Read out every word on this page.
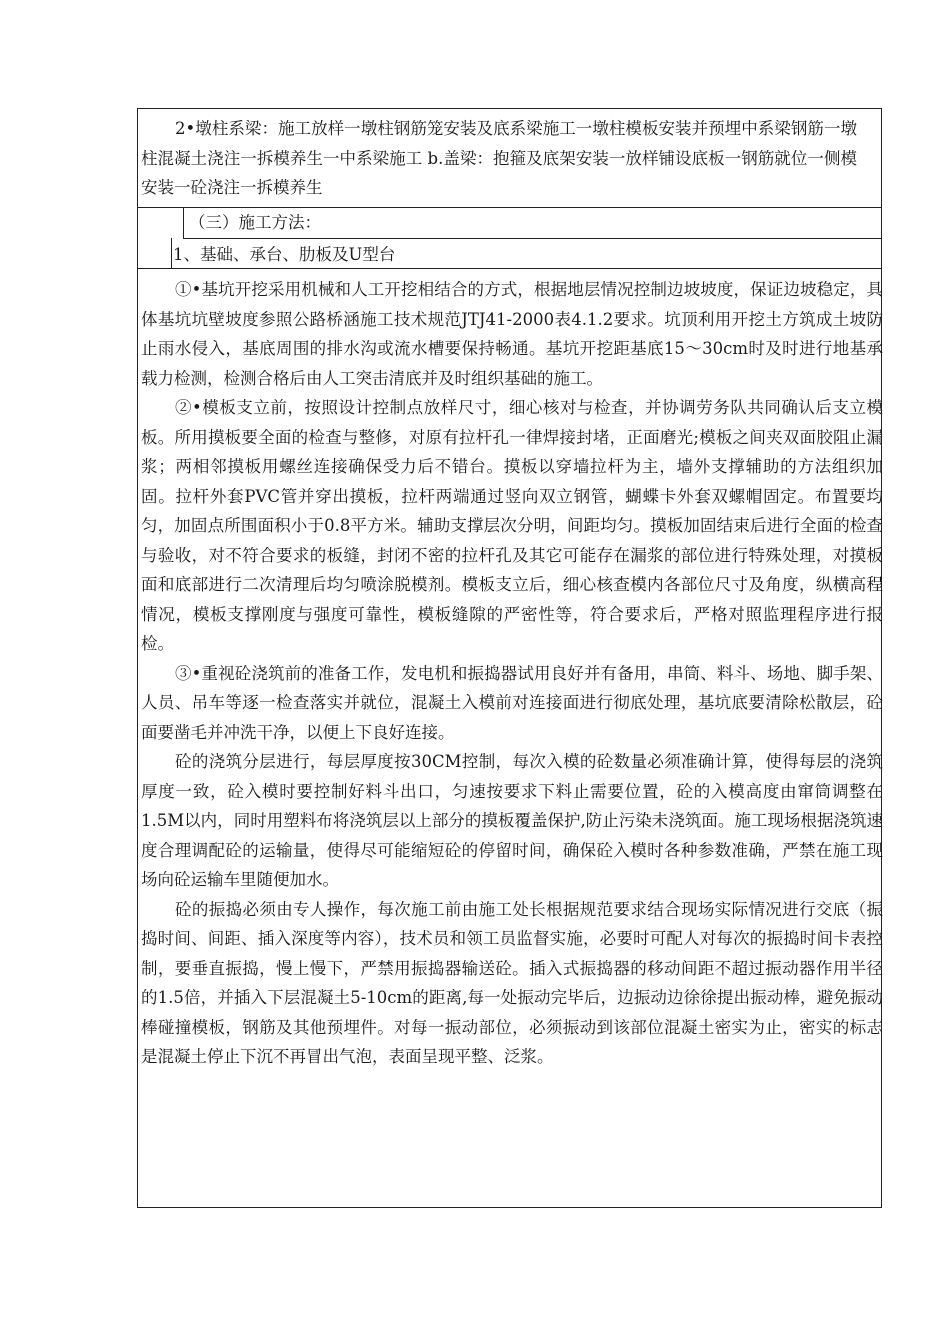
2•墩柱系梁：施工放样一墩柱钢筋笼安装及底系梁施工一墩柱模板安装并预埋中系梁钢筋一墩柱混凝土浇注一拆模养生一中系梁施工 b.盖梁：抱箍及底架安装一放样铺设底板一钢筋就位一侧模安装一砼浇注一拆模养生

（三）施工方法：
1、基础、承台、肋板及U型台

①•基坑开挖采用机械和人工开挖相结合的方式，根据地层情况控制边坡坡度，保证边坡稳定，具体基坑坑壁坡度参照公路桥涵施工技术规范JTJ41-2000表4.1.2要求。坑顶利用开挖土方筑成土坡防止雨水侵入，基底周围的排水沟或流水槽要保持畅通。基坑开挖距基底15～30cm时及时进行地基承载力检测，检测合格后由人工突击清底并及时组织基础的施工。

②•模板支立前，按照设计控制点放样尺寸，细心核对与检查，并协调劳务队共同确认后支立模板。所用摸板要全面的检查与整修，对原有拉杆孔一律焊接封堵，正面磨光;模板之间夹双面胶阻止漏浆；两相邻摸板用螺丝连接确保受力后不错台。摸板以穿墙拉杆为主，墙外支撑辅助的方法组织加固。拉杆外套PVC管并穿出摸板，拉杆两端通过竖向双立钢管，蝴蝶卡外套双螺帽固定。布置要均匀，加固点所围面积小于0.8平方米。辅助支撑层次分明，间距均匀。摸板加固结束后进行全面的检查与验收，对不符合要求的板缝，封闭不密的拉杆孔及其它可能存在漏浆的部位进行特殊处理，对摸板面和底部进行二次清理后均匀喷涂脱模剂。模板支立后，细心核查模内各部位尺寸及角度，纵横高程情况，模板支撑刚度与强度可靠性，模板缝隙的严密性等，符合要求后，严格对照监理程序进行报检。

③•重视砼浇筑前的准备工作，发电机和振捣器试用良好并有备用，串筒、料斗、场地、脚手架、人员、吊车等逐一检查落实并就位，混凝土入模前对连接面进行彻底处理，基坑底要清除松散层，砼面要凿毛并冲洗干净，以便上下良好连接。

砼的浇筑分层进行，每层厚度按30CM控制，每次入模的砼数量必须准确计算，使得每层的浇筑厚度一致，砼入模时要控制好料斗出口，匀速按要求下料止需要位置，砼的入模高度由窜筒调整在1.5M以内，同时用塑料布将浇筑层以上部分的摸板覆盖保护,防止污染未浇筑面。施工现场根据浇筑速度合理调配砼的运输量，使得尽可能缩短砼的停留时间，确保砼入模时各种参数准确，严禁在施工现场向砼运输车里随便加水。

砼的振捣必须由专人操作，每次施工前由施工处长根据规范要求结合现场实际情况进行交底（振捣时间、间距、插入深度等内容），技术员和领工员监督实施，必要时可配人对每次的振捣时间卡表控制，要垂直振捣，慢上慢下，严禁用振捣器输送砼。插入式振捣器的移动间距不超过振动器作用半径的1.5倍，并插入下层混凝土5-10cm的距离,每一处振动完毕后，边振动边徐徐提出振动棒，避免振动棒碰撞模板，钢筋及其他预埋件。对每一振动部位，必须振动到该部位混凝土密实为止，密实的标志是混凝土停止下沉不再冒出气泡，表面呈现平整、泛浆。
